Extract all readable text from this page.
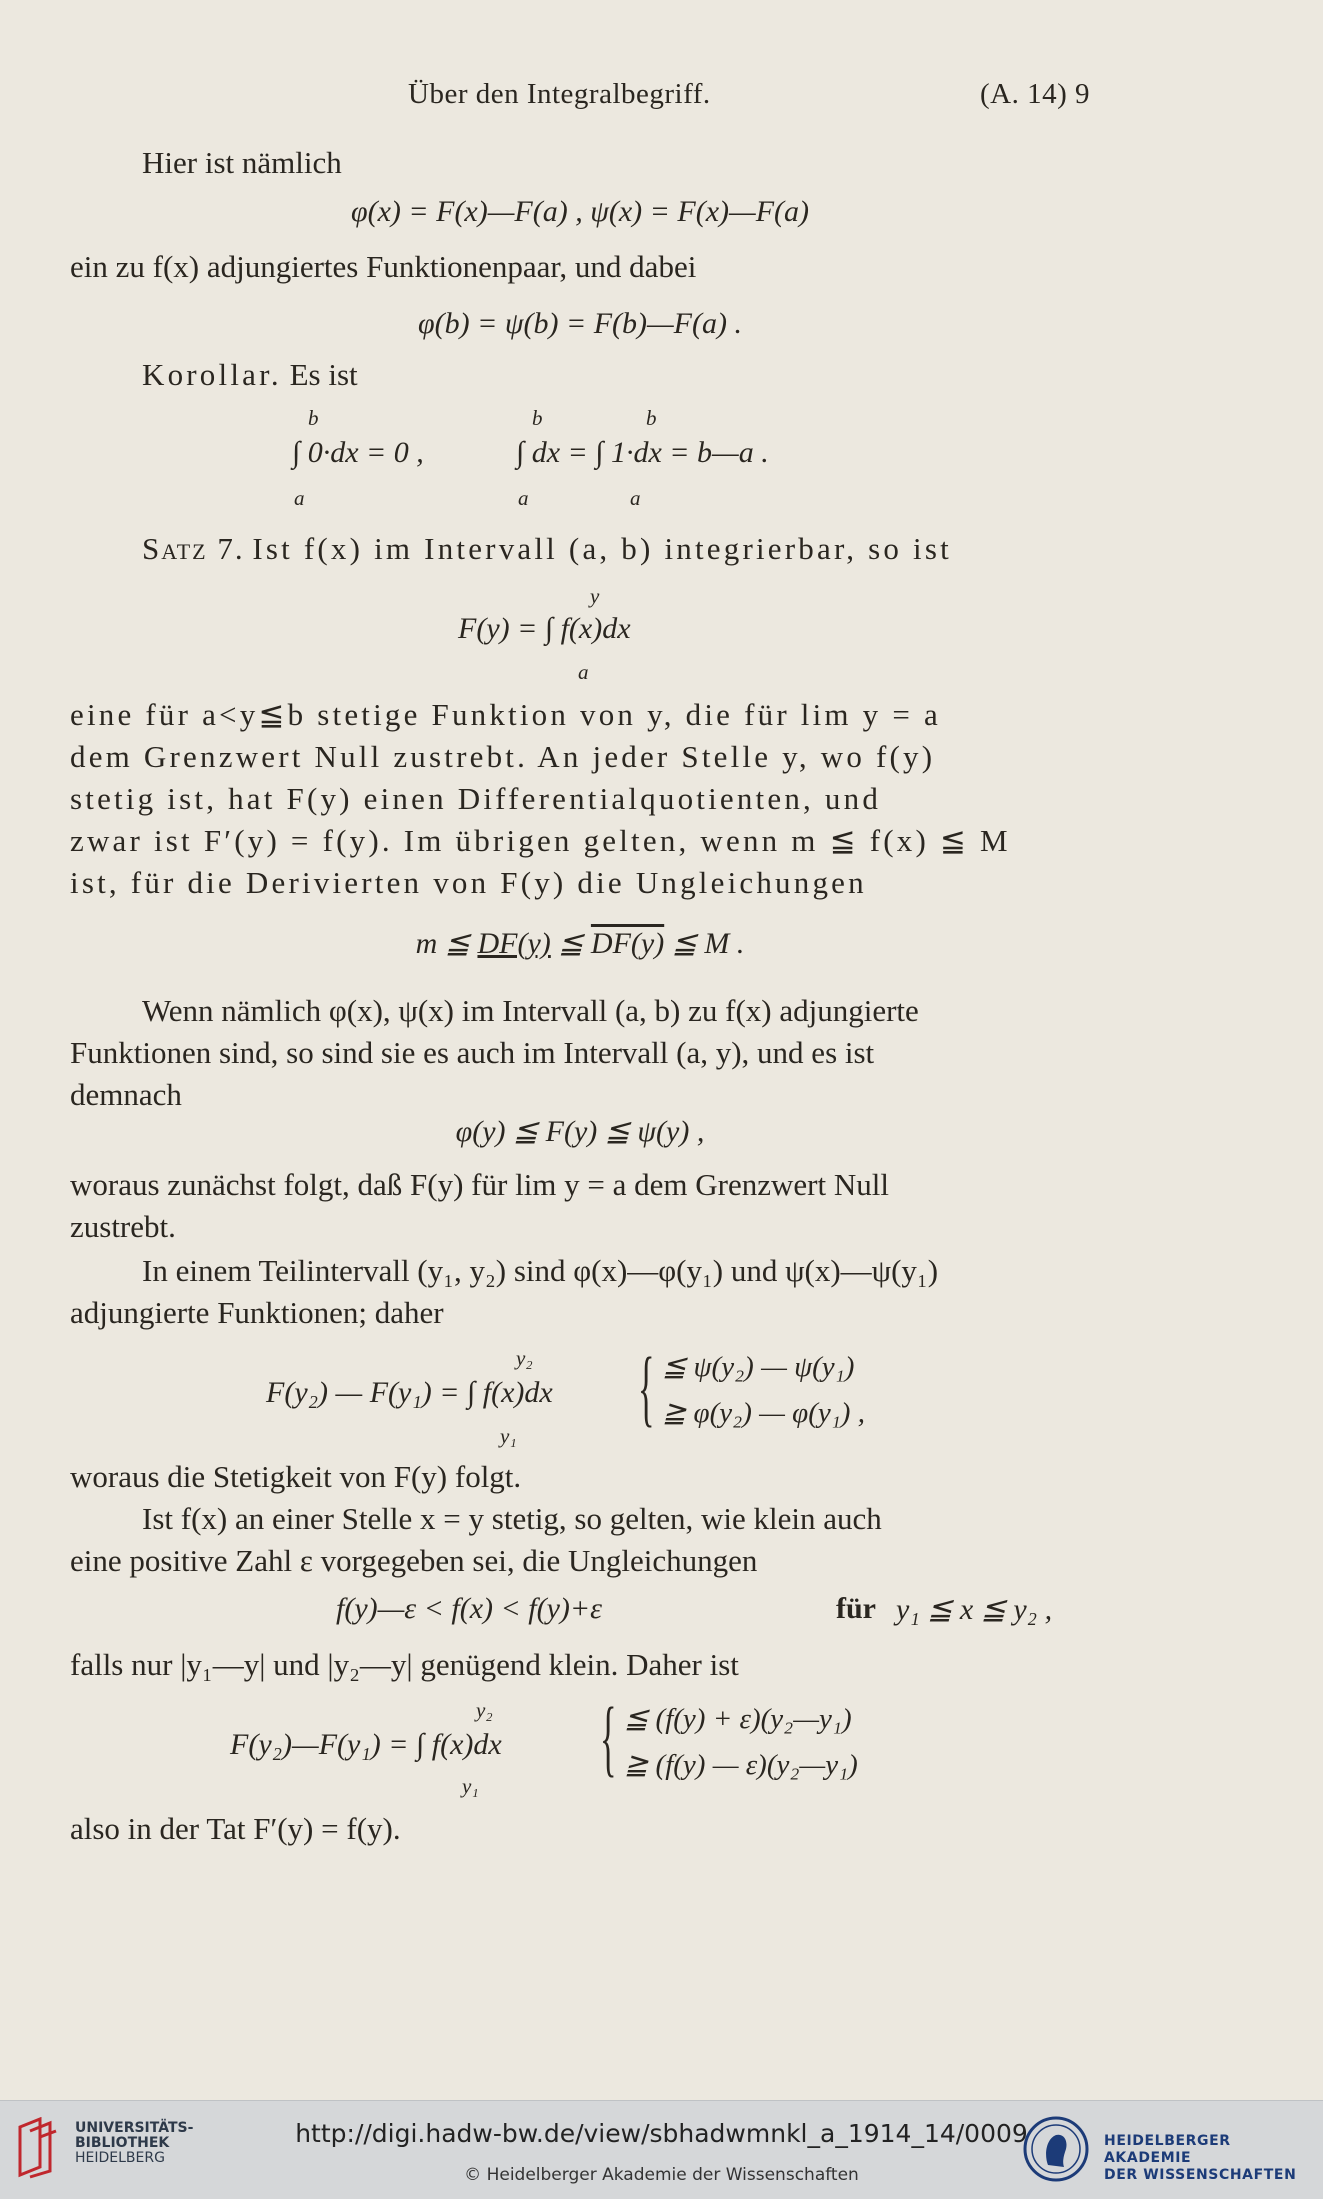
Über den Integralbegriff.	(A. 14) 9
Hier ist nämlich
φ(x) = F(x)—F(a) , ψ(x) = F(x)—F(a)
ein zu f(x) adjungiertes Funktionenpaar, und dabei
φ(b) = ψ(b) = F(b)—F(a) .
Korollar. Es ist
b
a
∫ 0·dx = 0 ,
b
a
b
a
∫ dx = ∫ 1·dx = b—a .
Satz 7. Ist f(x) im Intervall (a, b) integrierbar, so ist
y
a
F(y) = ∫ f(x)dx
eine für a<y≦b stetige Funktion von y, die für lim y = a
dem Grenzwert Null zustrebt. An jeder Stelle y, wo f(y)
stetig ist, hat F(y) einen Differentialquotienten, und
zwar ist F′(y) = f(y). Im übrigen gelten, wenn m ≦ f(x) ≦ M
ist, für die Derivierten von F(y) die Ungleichungen
m ≦ DF(y) ≦ DF(y) ≦ M .
Wenn nämlich φ(x), ψ(x) im Intervall (a, b) zu f(x) adjungierte
Funktionen sind, so sind sie es auch im Intervall (a, y), und es ist
demnach
φ(y) ≦ F(y) ≦ ψ(y) ,
woraus zunächst folgt, daß F(y) für lim y = a dem Grenzwert Null
zustrebt.
In einem Teilintervall (y₁, y₂) sind φ(x)—φ(y₁) und ψ(x)—ψ(y₁)
adjungierte Funktionen; daher
y₂
y₁
F(y₂) — F(y₁) = ∫ f(x)dx { ≦ ψ(y₂) — ψ(y₁)
≧ φ(y₂) — φ(y₁) ,
woraus die Stetigkeit von F(y) folgt.
Ist f(x) an einer Stelle x = y stetig, so gelten, wie klein auch
eine positive Zahl ε vorgegeben sei, die Ungleichungen
f(y)—ε < f(x) < f(y)+ε	für y₁ ≦ x ≦ y₂ ,
falls nur |y₁—y| und |y₂—y| genügend klein. Daher ist
y₂
y₁
F(y₂)—F(y₁) = ∫ f(x)dx { ≦ (f(y) + ε)(y₂—y₁)
≧ (f(y) — ε)(y₂—y₁)
also in der Tat F′(y) = f(y).
UNIVERSITÄTS-
BIBLIOTHEK
HEIDELBERG
http://digi.hadw-bw.de/view/sbhadwmnkl_a_1914_14/0009
© Heidelberger Akademie der Wissenschaften
HEIDELBERGER AKADEMIE
DER WISSENSCHAFTEN
